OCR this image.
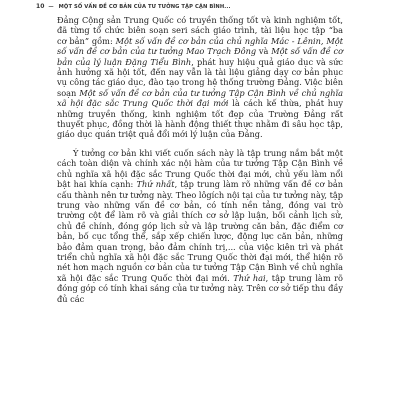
10 — MỘT SỐ VẤN ĐỀ CƠ BẢN CỦA TƯ TƯỞNG TẬP CẬN BÌNH...

Đảng Cộng sản Trung Quốc có truyền thống tốt và kinh nghiệm tốt, đã từng tổ chức biên soạn seri sách giáo trình, tài liệu học tập “ba cơ bản” gồm: Một số vấn đề cơ bản của chủ nghĩa Mác - Lênin, Một số vấn đề cơ bản của tư tưởng Mao Trạch Đông và Một số vấn đề cơ bản của lý luận Đặng Tiểu Bình, phát huy hiệu quả giáo dục và sức ảnh hưởng xã hội tốt, đến nay vẫn là tài liệu giảng dạy cơ bản phục vụ công tác giáo dục, đào tạo trong hệ thống trường Đảng. Việc biên soạn Một số vấn đề cơ bản của tư tưởng Tập Cận Bình về chủ nghĩa xã hội đặc sắc Trung Quốc thời đại mới là cách kế thừa, phát huy những truyền thống, kinh nghiệm tốt đẹp của Trường Đảng rất thuyết phục, đồng thời là hành động thiết thực nhằm đi sâu học tập, giáo dục quán triệt quả đổi mới lý luận của Đảng.

Ý tưởng cơ bản khi viết cuốn sách này là tập trung nắm bắt một cách toàn diện và chính xác nội hàm của tư tưởng Tập Cận Bình về chủ nghĩa xã hội đặc sắc Trung Quốc thời đại mới, chủ yếu làm nổi bật hai khía cạnh: Thứ nhất, tập trung làm rõ những vấn đề cơ bản cấu thành nên tư tưởng này. Theo lôgích nội tại của tư tưởng này, tập trung vào những vấn đề cơ bản, có tính nền tảng, đóng vai trò trường cột để làm rõ và giải thích cơ sở lập luận, bối cảnh lịch sử, chủ đề chính, đóng góp lịch sử và lập trường căn bản, đặc điểm cơ bản, bố cục tổng thể, sắp xếp chiến lược, động lực căn bản, những bảo đảm quan trọng, bảo đảm chính trị,... của việc kiên trì và phát triển chủ nghĩa xã hội đặc sắc Trung Quốc thời đại mới, thể hiện rõ nét hơn mạch nguồn cơ bản của tư tưởng Tập Cận Bình về chủ nghĩa xã hội đặc sắc Trung Quốc thời đại mới. Thứ hai, tập trung làm rõ đóng góp có tính khai sáng của tư tưởng này. Trên cơ sở tiếp thu đầy đủ các
